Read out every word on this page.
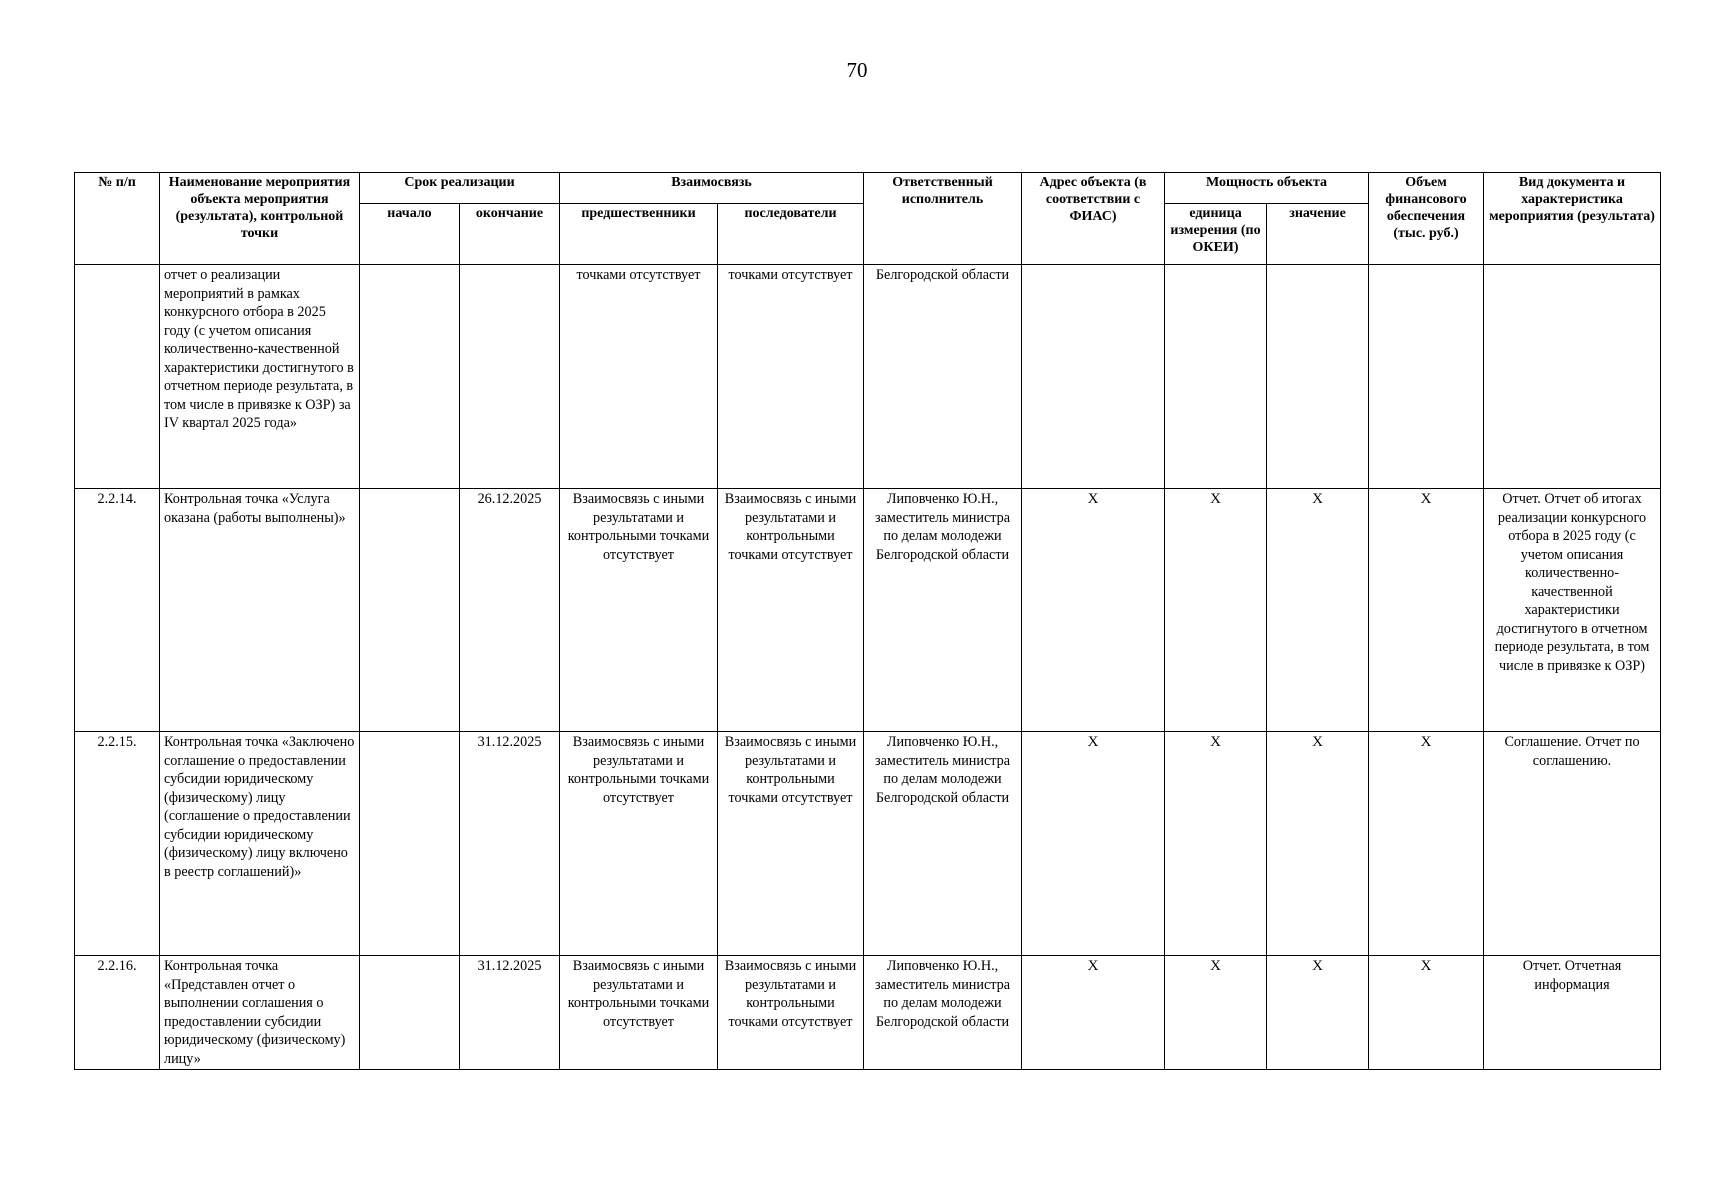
70
№ п/п	Наименование мероприятия объекта мероприятия (результата), контрольной точки	Срок реализации		Взаимосвязь		Ответственный исполнитель	Адрес объекта (в соответствии с ФИАС)	Мощность объекта		Объем финансового обеспечения (тыс. руб.)	Вид документа и характеристика мероприятия (результата)
		начало	окончание	предшественники	последователи			единица измерения (по ОКЕИ)	значение		
	отчет о реализации мероприятий в рамках конкурсного отбора в 2025 году (с учетом описания количественно-качественной характеристики достигнутого в отчетном периоде результата, в том числе в привязке к ОЗР) за IV квартал 2025 года»			точками отсутствует	точками отсутствует	Белгородской области					
2.2.14.	Контрольная точка «Услуга оказана (работы выполнены)»		26.12.2025	Взаимосвязь с иными результатами и контрольными точками отсутствует	Взаимосвязь с иными результатами и контрольными точками отсутствует	Липовченко Ю.Н., заместитель министра по делам молодежи Белгородской области	X	X	X	X	Отчет. Отчет об итогах реализации конкурсного отбора в 2025 году (с учетом описания количественно-качественной характеристики достигнутого в отчетном периоде результата, в том числе в привязке к ОЗР)
2.2.15.	Контрольная точка «Заключено соглашение о предоставлении субсидии юридическому (физическому) лицу (соглашение о предоставлении субсидии юридическому (физическому) лицу включено в реестр соглашений)»		31.12.2025	Взаимосвязь с иными результатами и контрольными точками отсутствует	Взаимосвязь с иными результатами и контрольными точками отсутствует	Липовченко Ю.Н., заместитель министра по делам молодежи Белгородской области	X	X	X	X	Соглашение. Отчет по соглашению.
2.2.16.	Контрольная точка «Представлен отчет о выполнении соглашения о предоставлении субсидии юридическому (физическому) лицу»		31.12.2025	Взаимосвязь с иными результатами и контрольными точками отсутствует	Взаимосвязь с иными результатами и контрольными точками отсутствует	Липовченко Ю.Н., заместитель министра по делам молодежи Белгородской области	X	X	X	X	Отчет. Отчетная информация
